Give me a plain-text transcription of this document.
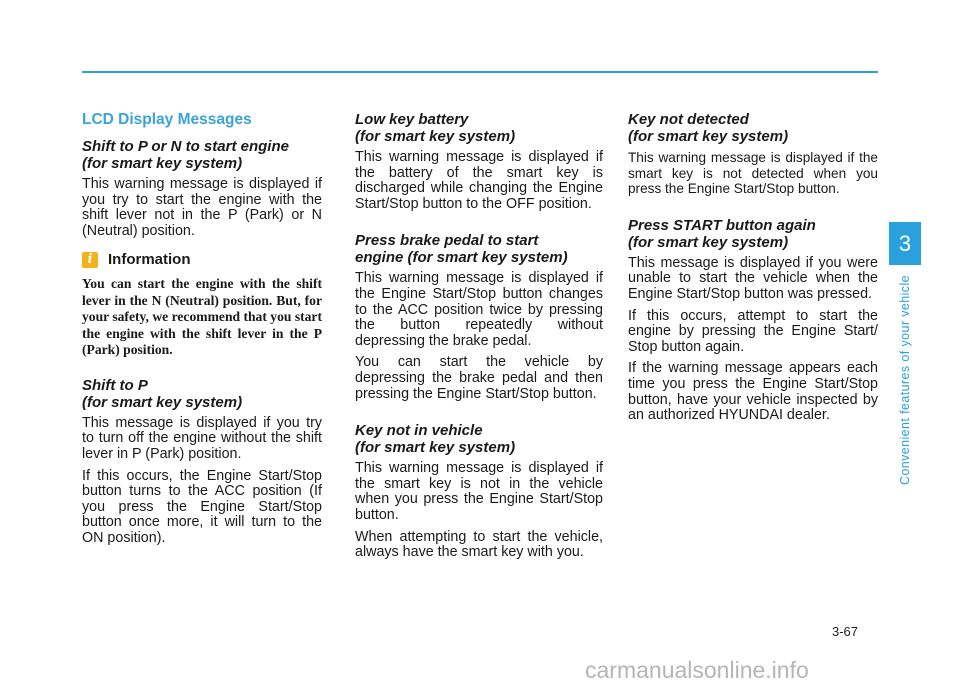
LCD Display Messages
Shift to P or N to start engine
(for smart key system)

This warning message is displayed if you try to start the engine with the shift lever not in the P (Park) or N (Neutral) position.

i Information
You can start the engine with the shift lever in the N (Neutral) position. But, for your safety, we recommend that you start the engine with the shift lever in the P (Park) position.
Shift to P
(for smart key system)

This message is displayed if you try to turn off the engine without the shift lever in P (Park) position.

If this occurs, the Engine Start/Stop button turns to the ACC position (If you press the Engine Start/Stop button once more, it will turn to the ON position).

Low key battery
(for smart key system)

This warning message is displayed if the battery of the smart key is discharged while changing the Engine Start/Stop button to the OFF position.

Press brake pedal to start
engine (for smart key system)

This warning message is displayed if the Engine Start/Stop button changes to the ACC position twice by pressing the button repeatedly without depressing the brake pedal.

You can start the vehicle by depressing the brake pedal and then pressing the Engine Start/Stop button.

Key not in vehicle
(for smart key system)

This warning message is displayed if the smart key is not in the vehicle when you press the Engine Start/Stop button.

When attempting to start the vehicle, always have the smart key with you.

Key not detected
(for smart key system)

This warning message is displayed if the smart key is not detected when you press the Engine Start/Stop button.

Press START button again
(for smart key system)

This message is displayed if you were unable to start the vehicle when the Engine Start/Stop button was pressed.

If this occurs, attempt to start the engine by pressing the Engine Start/ Stop button again.

If the warning message appears each time you press the Engine Start/Stop button, have your vehicle inspected by an authorized HYUNDAI dealer.

3
Convenient features of your vehicle
3-67
carmanualsonline.info
